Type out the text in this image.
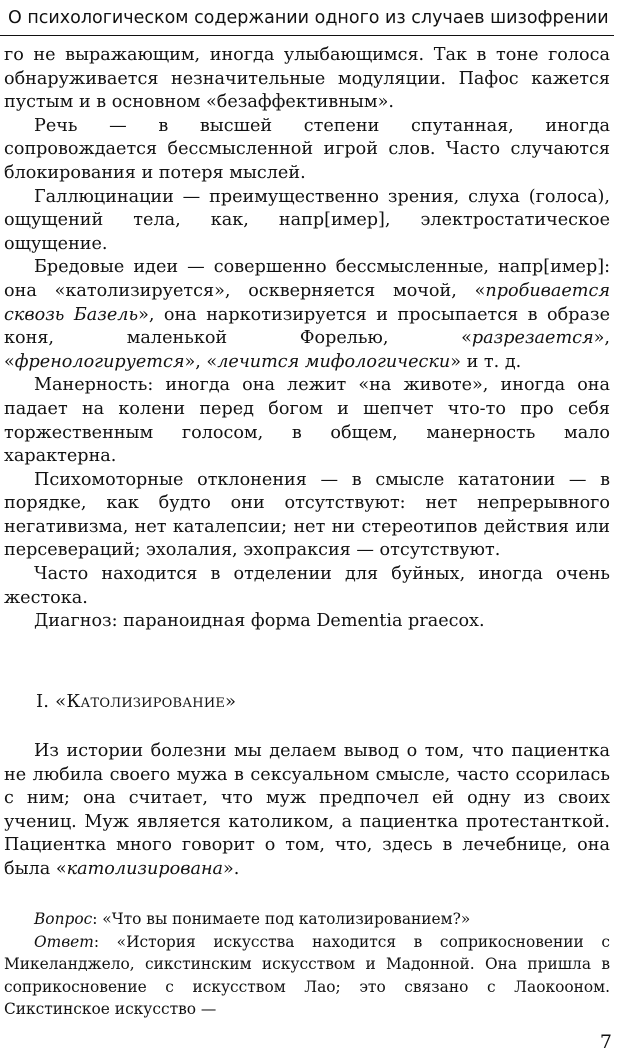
О психологическом содержании одного из случаев шизофрении

го не выражающим, иногда улыбающимся. Так в тоне голоса обнаруживается незначительные модуляции. Пафос кажется пустым и в основном «безаффективным».

Речь — в высшей степени спутанная, иногда сопровождается бессмысленной игрой слов. Часто случаются блокирования и потеря мыслей.

Галлюцинации — преимущественно зрения, слуха (голоса), ощущений тела, как, напр[имер], электростатическое ощущение.

Бредовые идеи — совершенно бессмысленные, напр[имер]: она «католизируется», оскверняется мочой, «пробивается сквозь Базель», она наркотизируется и просыпается в образе коня, маленькой Форелью, «разрезается», «френологируется», «лечится мифологически» и т. д.

Манерность: иногда она лежит «на животе», иногда она падает на колени перед богом и шепчет что-то про себя торжественным голосом, в общем, манерность мало характерна.

Психомоторные отклонения — в смысле кататонии — в порядке, как будто они отсутствуют: нет непрерывного негативизма, нет каталепсии; нет ни стереотипов действия или персевераций; эхолалия, эхопраксия — отсутствуют.

Часто находится в отделении для буйных, иногда очень жестока.

Диагноз: параноидная форма Dementia praecox.

I. «Католизирование»

Из истории болезни мы делаем вывод о том, что пациентка не любила своего мужа в сексуальном смысле, часто ссорилась с ним; она считает, что муж предпочел ей одну из своих учениц. Муж является католиком, а пациентка протестанткой. Пациентка много говорит о том, что, здесь в лечебнице, она была «католизирована».

Вопрос: «Что вы понимаете под католизированием?»

Ответ: «История искусства находится в соприкосновении с Микеланджело, сикстинским искусством и Мадонной. Она пришла в соприкосновение с искусством Лао; это связано с Лаокооном. Сикстинское искусство —

7
